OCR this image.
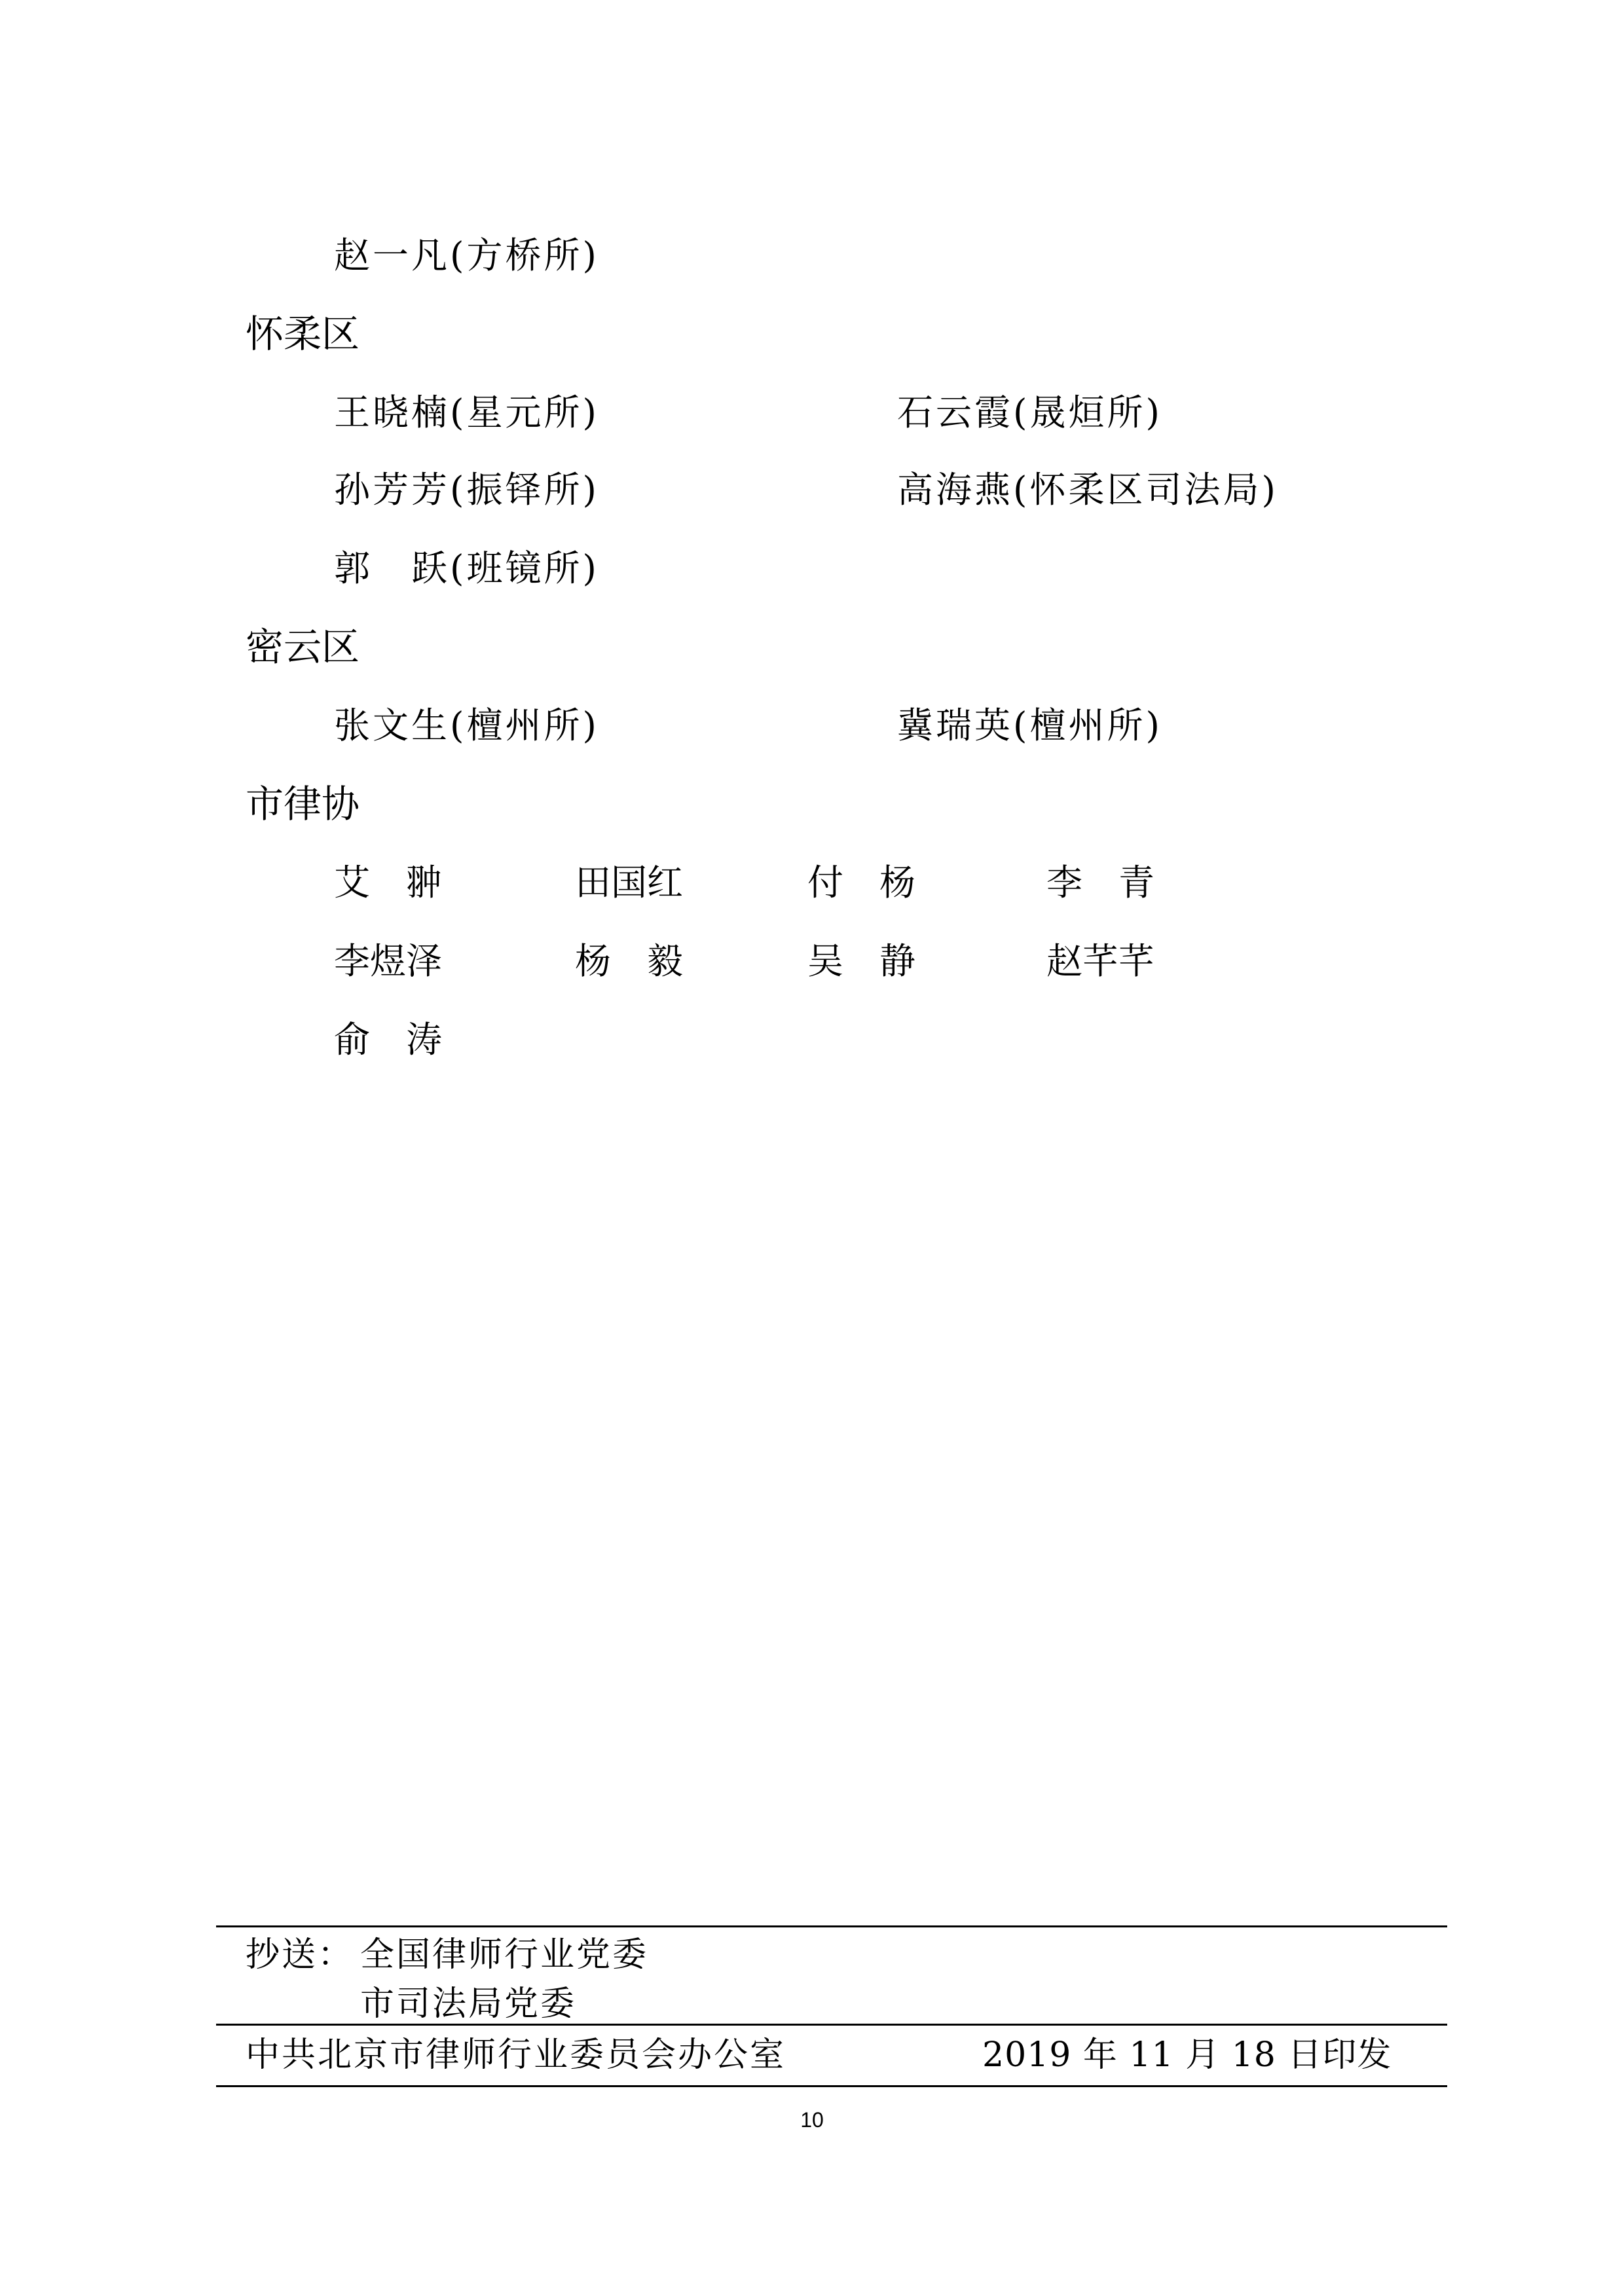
赵一凡(方桥所)
怀柔区
王晓楠(星元所)	石云霞(晟烜所)
孙芳芳(振铎所)	高海燕(怀柔区司法局)
郭　跃(班镜所)
密云区
张文生(檀州所)	冀瑞英(檀州所)
市律协
艾　翀	田国红	付　杨	李　青
李煜泽	杨　毅	吴　静	赵芊芊
俞　涛
抄送： 全国律师行业党委
市司法局党委
中共北京市律师行业委员会办公室	2019 年 11 月 18 日印发
10
